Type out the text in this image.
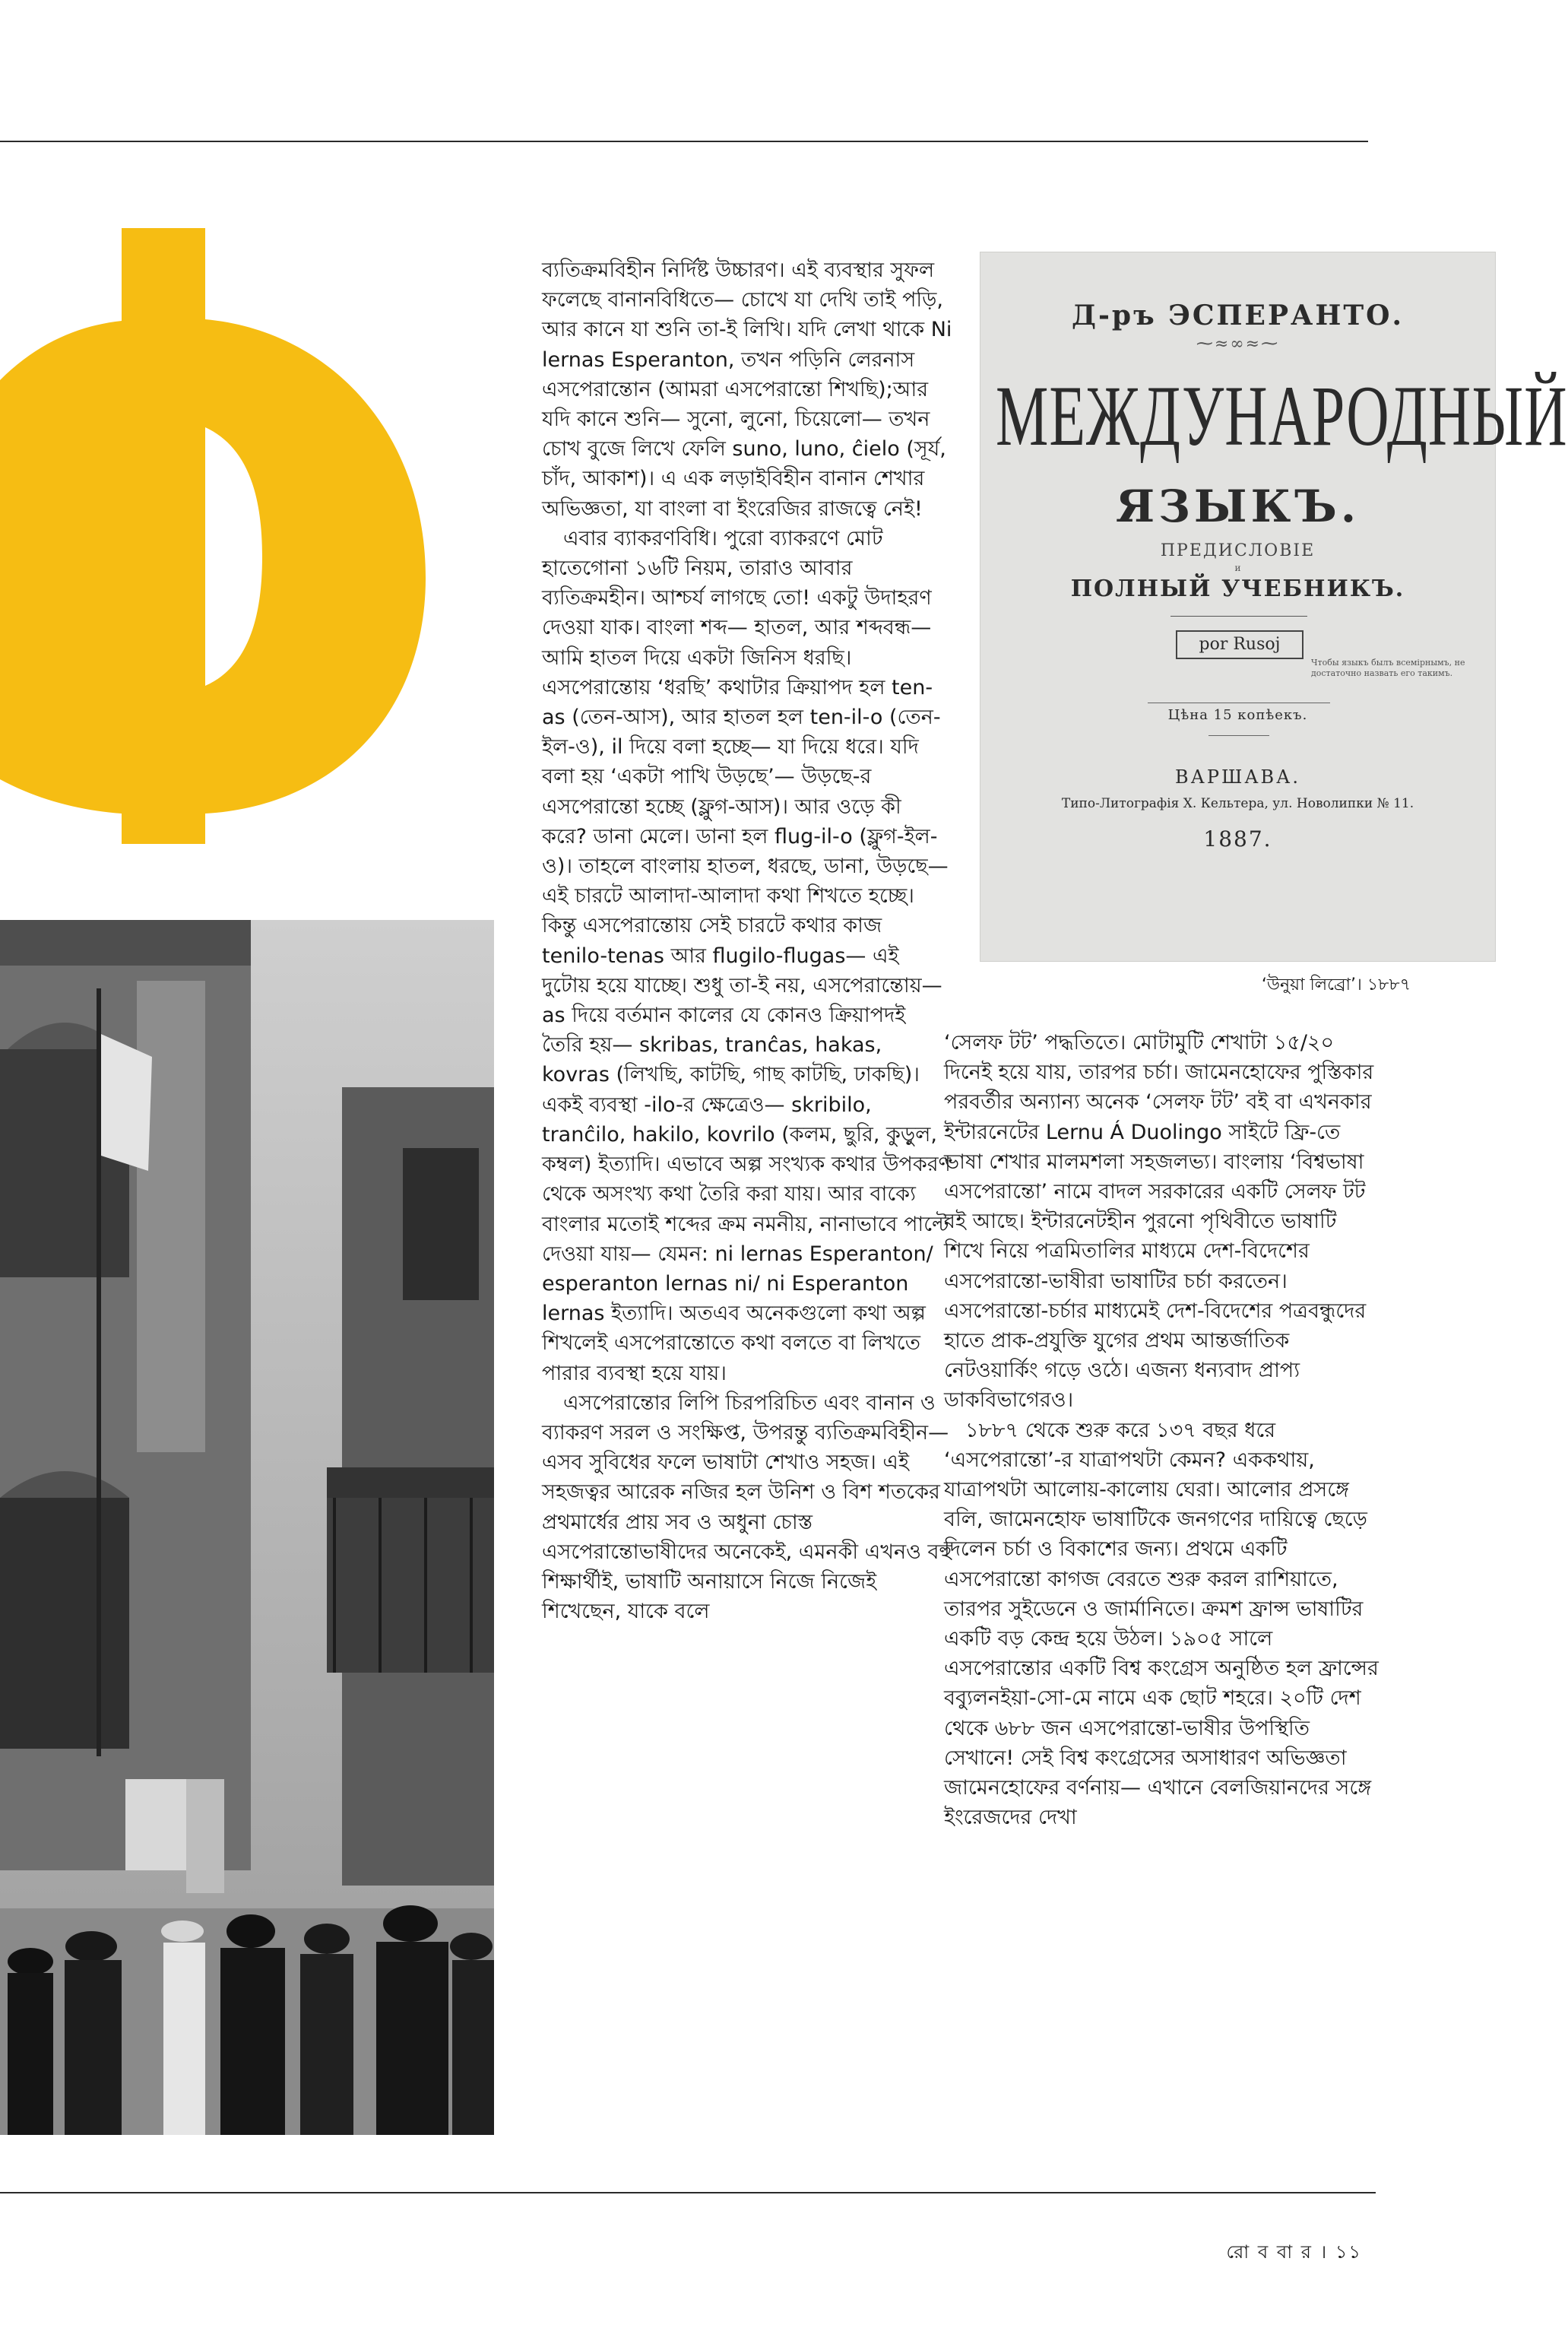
Д-ръ ЭСПЕРАНТО.
⁓≈∞≈⁓
МЕЖДУНАРОДНЫЙ
ЯЗЫКЪ.
ПРЕДИСЛОВІЕ
и
ПОЛНЫЙ УЧЕБНИКЪ.
por Rusoj
Чтобы языкъ былъ всемірнымъ, не достаточно назвать его такимъ.
Цѣна 15 копѣекъ.
ВАРШАВА.
Типо-Литографія Х. Кельтера, ул. Новолипки № 11.
1887.
‘উনুয়া লিব্রো’। ১৮৮৭

ব্যতিক্রমবিহীন নির্দিষ্ট উচ্চারণ। এই ব্যবস্থার সুফল ফলেছে বানানবিধিতে— চোখে যা দেখি তাই পড়ি, আর কানে যা শুনি তা-ই লিখি। যদি লেখা থাকে Ni lernas Esperanton, তখন পড়িনি লেরনাস এসপেরান্তোন (আমরা এসপেরান্তো শিখছি);আর যদি কানে শুনি— সুনো, লুনো, চিয়েলো— তখন চোখ বুজে লিখে ফেলি suno, luno, ĉielo (সূর্য, চাঁদ, আকাশ)। এ এক লড়াইবিহীন বানান শেখার অভিজ্ঞতা, যা বাংলা বা ইংরেজির রাজত্বে নেই!

এবার ব্যাকরণবিধি। পুরো ব্যাকরণে মোট হাতেগোনা ১৬টি নিয়ম, তারাও আবার ব্যতিক্রমহীন। আশ্চর্য লাগছে তো! একটু উদাহরণ দেওয়া যাক। বাংলা শব্দ— হাতল, আর শব্দবন্ধ— আমি হাতল দিয়ে একটা জিনিস ধরছি। এসপেরান্তোয় ‘ধরছি’ কথাটার ক্রিয়াপদ হল ten-as (তেন-আস), আর হাতল হল ten-il-o (তেন-ইল-ও), il দিয়ে বলা হচ্ছে— যা দিয়ে ধরে। যদি বলা হয় ‘একটা পাখি উড়ছে’— উড়ছে-র এসপেরান্তো হচ্ছে (ফ্লুগ-আস)। আর ওড়ে কী করে? ডানা মেলে। ডানা হল flug-il-o (ফ্লুগ-ইল-ও)। তাহলে বাংলায় হাতল, ধরছে, ডানা, উড়ছে— এই চারটে আলাদা-আলাদা কথা শিখতে হচ্ছে। কিন্তু এসপেরান্তোয় সেই চারটে কথার কাজ tenilo-tenas আর flugilo-flugas— এই দুটোয় হয়ে যাচ্ছে। শুধু তা-ই নয়, এসপেরান্তোয়— as দিয়ে বর্তমান কালের যে কোনও ক্রিয়াপদই তৈরি হয়— skribas, tranĉas, hakas, kovras (লিখছি, কাটছি, গাছ কাটছি, ঢাকছি)। একই ব্যবস্থা -ilo-র ক্ষেত্রেও— skribilo, tranĉilo, hakilo, kovrilo (কলম, ছুরি, কুড়ুল, কম্বল) ইত্যাদি। এভাবে অল্প সংখ্যক কথার উপকরণ থেকে অসংখ্য কথা তৈরি করা যায়। আর বাক্যে বাংলার মতোই শব্দের ক্রম নমনীয়, নানাভাবে পাল্টে দেওয়া যায়— যেমন: ni lernas Esperanton/ esperanton lernas ni/ ni Esperanton lernas ইত্যাদি। অতএব অনেকগুলো কথা অল্প শিখলেই এসপেরান্তোতে কথা বলতে বা লিখতে পারার ব্যবস্থা হয়ে যায়।

এসপেরান্তোর লিপি চিরপরিচিত এবং বানান ও ব্যাকরণ সরল ও সংক্ষিপ্ত, উপরন্তু ব্যতিক্রমবিহীন— এসব সুবিধের ফলে ভাষাটা শেখাও সহজ। এই সহজত্বর আরেক নজির হল উনিশ ও বিশ শতকের প্রথমার্ধের প্রায় সব ও অধুনা চোস্ত এসপেরান্তোভাষীদের অনেকেই, এমনকী এখনও বহু শিক্ষার্থীই, ভাষাটি অনায়াসে নিজে নিজেই শিখেছেন, যাকে বলে

‘সেলফ টট’ পদ্ধতিতে। মোটামুটি শেখাটা ১৫/২০ দিনেই হয়ে যায়, তারপর চর্চা। জামেনহোফের পুস্তিকার পরবর্তীর অন্যান্য অনেক ‘সেলফ টট’ বই বা এখনকার ইন্টারনেটের Lernu Á Duolingo সাইটে ফ্রি-তে ভাষা শেখার মালমশলা সহজলভ্য। বাংলায় ‘বিশ্বভাষা এসপেরান্তো’ নামে বাদল সরকারের একটি সেলফ টট বই আছে। ইন্টারনেটহীন পুরনো পৃথিবীতে ভাষাটি শিখে নিয়ে পত্রমিতালির মাধ্যমে দেশ-বিদেশের এসপেরান্তো-ভাষীরা ভাষাটির চর্চা করতেন। এসপেরান্তো-চর্চার মাধ্যমেই দেশ-বিদেশের পত্রবন্ধুদের হাতে প্রাক-প্রযুক্তি যুগের প্রথম আন্তর্জাতিক নেটওয়ার্কিং গড়ে ওঠে। এজন্য ধন্যবাদ প্রাপ্য ডাকবিভাগেরও।

১৮৮৭ থেকে শুরু করে ১৩৭ বছর ধরে ‘এসপেরান্তো’-র যাত্রাপথটা কেমন? এককথায়, যাত্রাপথটা আলোয়-কালোয় ঘেরা। আলোর প্রসঙ্গে বলি, জামেনহোফ ভাষাটিকে জনগণের দায়িত্বে ছেড়ে দিলেন চর্চা ও বিকাশের জন্য। প্রথমে একটি এসপেরান্তো কাগজ বেরতে শুরু করল রাশিয়াতে, তারপর সুইডেনে ও জার্মানিতে। ক্রমশ ফ্রান্স ভাষাটির একটি বড় কেন্দ্র হয়ে উঠল। ১৯০৫ সালে এসপেরান্তোর একটি বিশ্ব কংগ্রেস অনুষ্ঠিত হল ফ্রান্সের বব্যুলনইয়া-সো-মে নামে এক ছোট শহরে। ২০টি দেশ থেকে ৬৮৮ জন এসপেরান্তো-ভাষীর উপস্থিতি সেখানে! সেই বিশ্ব কংগ্রেসের অসাধারণ অভিজ্ঞতা জামেনহোফের বর্ণনায়— এখানে বেলজিয়ানদের সঙ্গে ইংরেজদের দেখা

রো ব বা র । ১১
